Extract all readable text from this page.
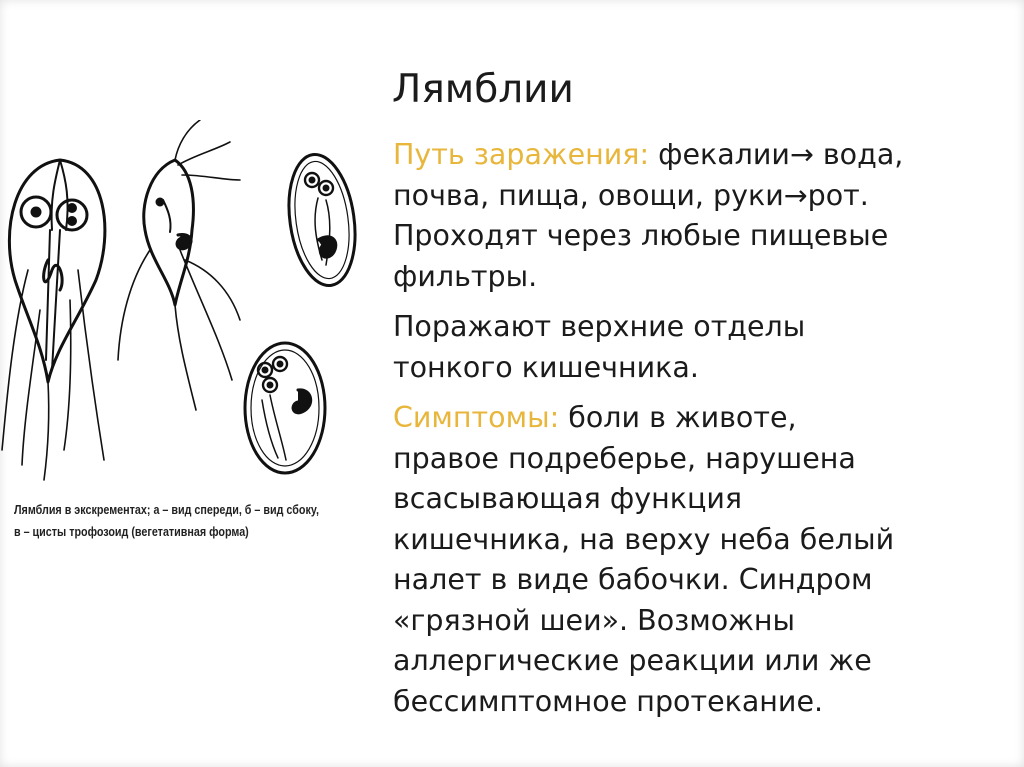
Лямблия в экскрементах; а – вид спереди, б – вид сбоку,
в – цисты трофозоид (вегетативная форма)
Лямблии

Путь заражения: фекалии→ вода,
почва, пища, овощи, руки→рот.
Проходят через любые пищевые
фильтры.

Поражают верхние отделы
тонкого кишечника.

Симптомы: боли в животе,
правое подреберье, нарушена
всасывающая функция
кишечника, на верху неба белый
налет в виде бабочки. Синдром
«грязной шеи». Возможны
аллергические реакции или же
бессимптомное протекание.
